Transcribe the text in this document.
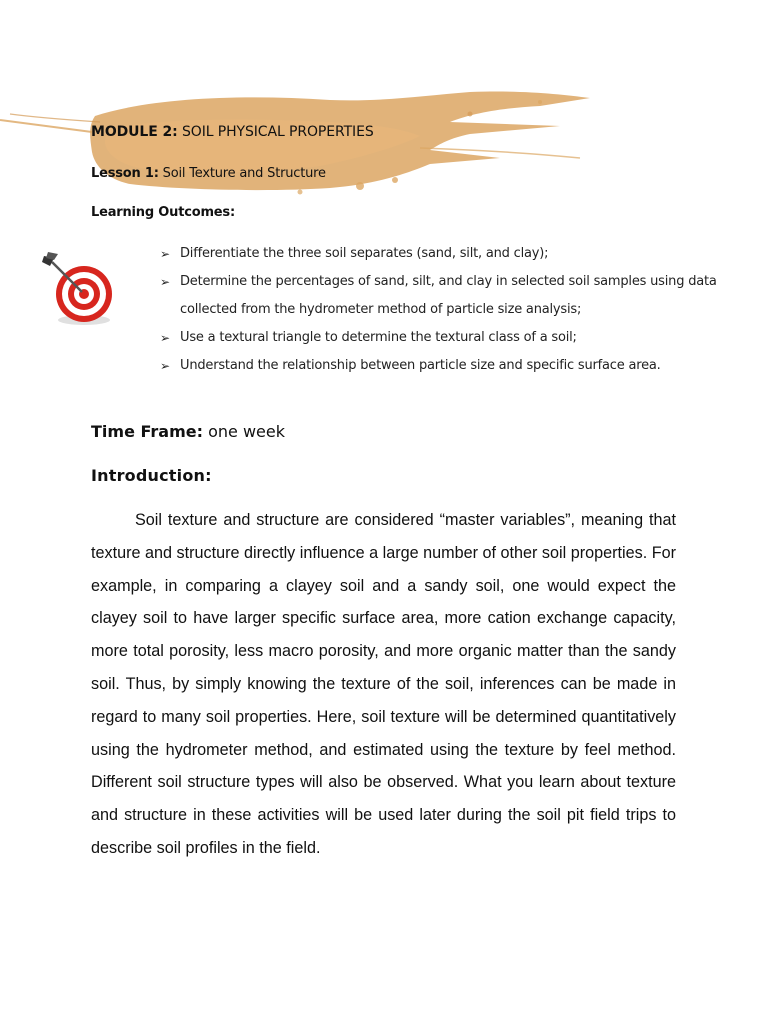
MODULE 2: SOIL PHYSICAL PROPERTIES
Lesson 1: Soil Texture and Structure
Learning Outcomes:
➢ Differentiate the three soil separates (sand, silt, and clay);
➢ Determine the percentages of sand, silt, and clay in selected soil samples using data collected from the hydrometer method of particle size analysis;
➢ Use a textural triangle to determine the textural class of a soil;
➢ Understand the relationship between particle size and specific surface area.
Time Frame: one week
Introduction:

Soil texture and structure are considered “master variables”, meaning that texture and structure directly influence a large number of other soil properties. For example, in comparing a clayey soil and a sandy soil, one would expect the clayey soil to have larger specific surface area, more cation exchange capacity, more total porosity, less macro porosity, and more organic matter than the sandy soil. Thus, by simply knowing the texture of the soil, inferences can be made in regard to many soil properties. Here, soil texture will be determined quantitatively using the hydrometer method, and estimated using the texture by feel method. Different soil structure types will also be observed. What you learn about texture and structure in these activities will be used later during the soil pit field trips to describe soil profiles in the field.
